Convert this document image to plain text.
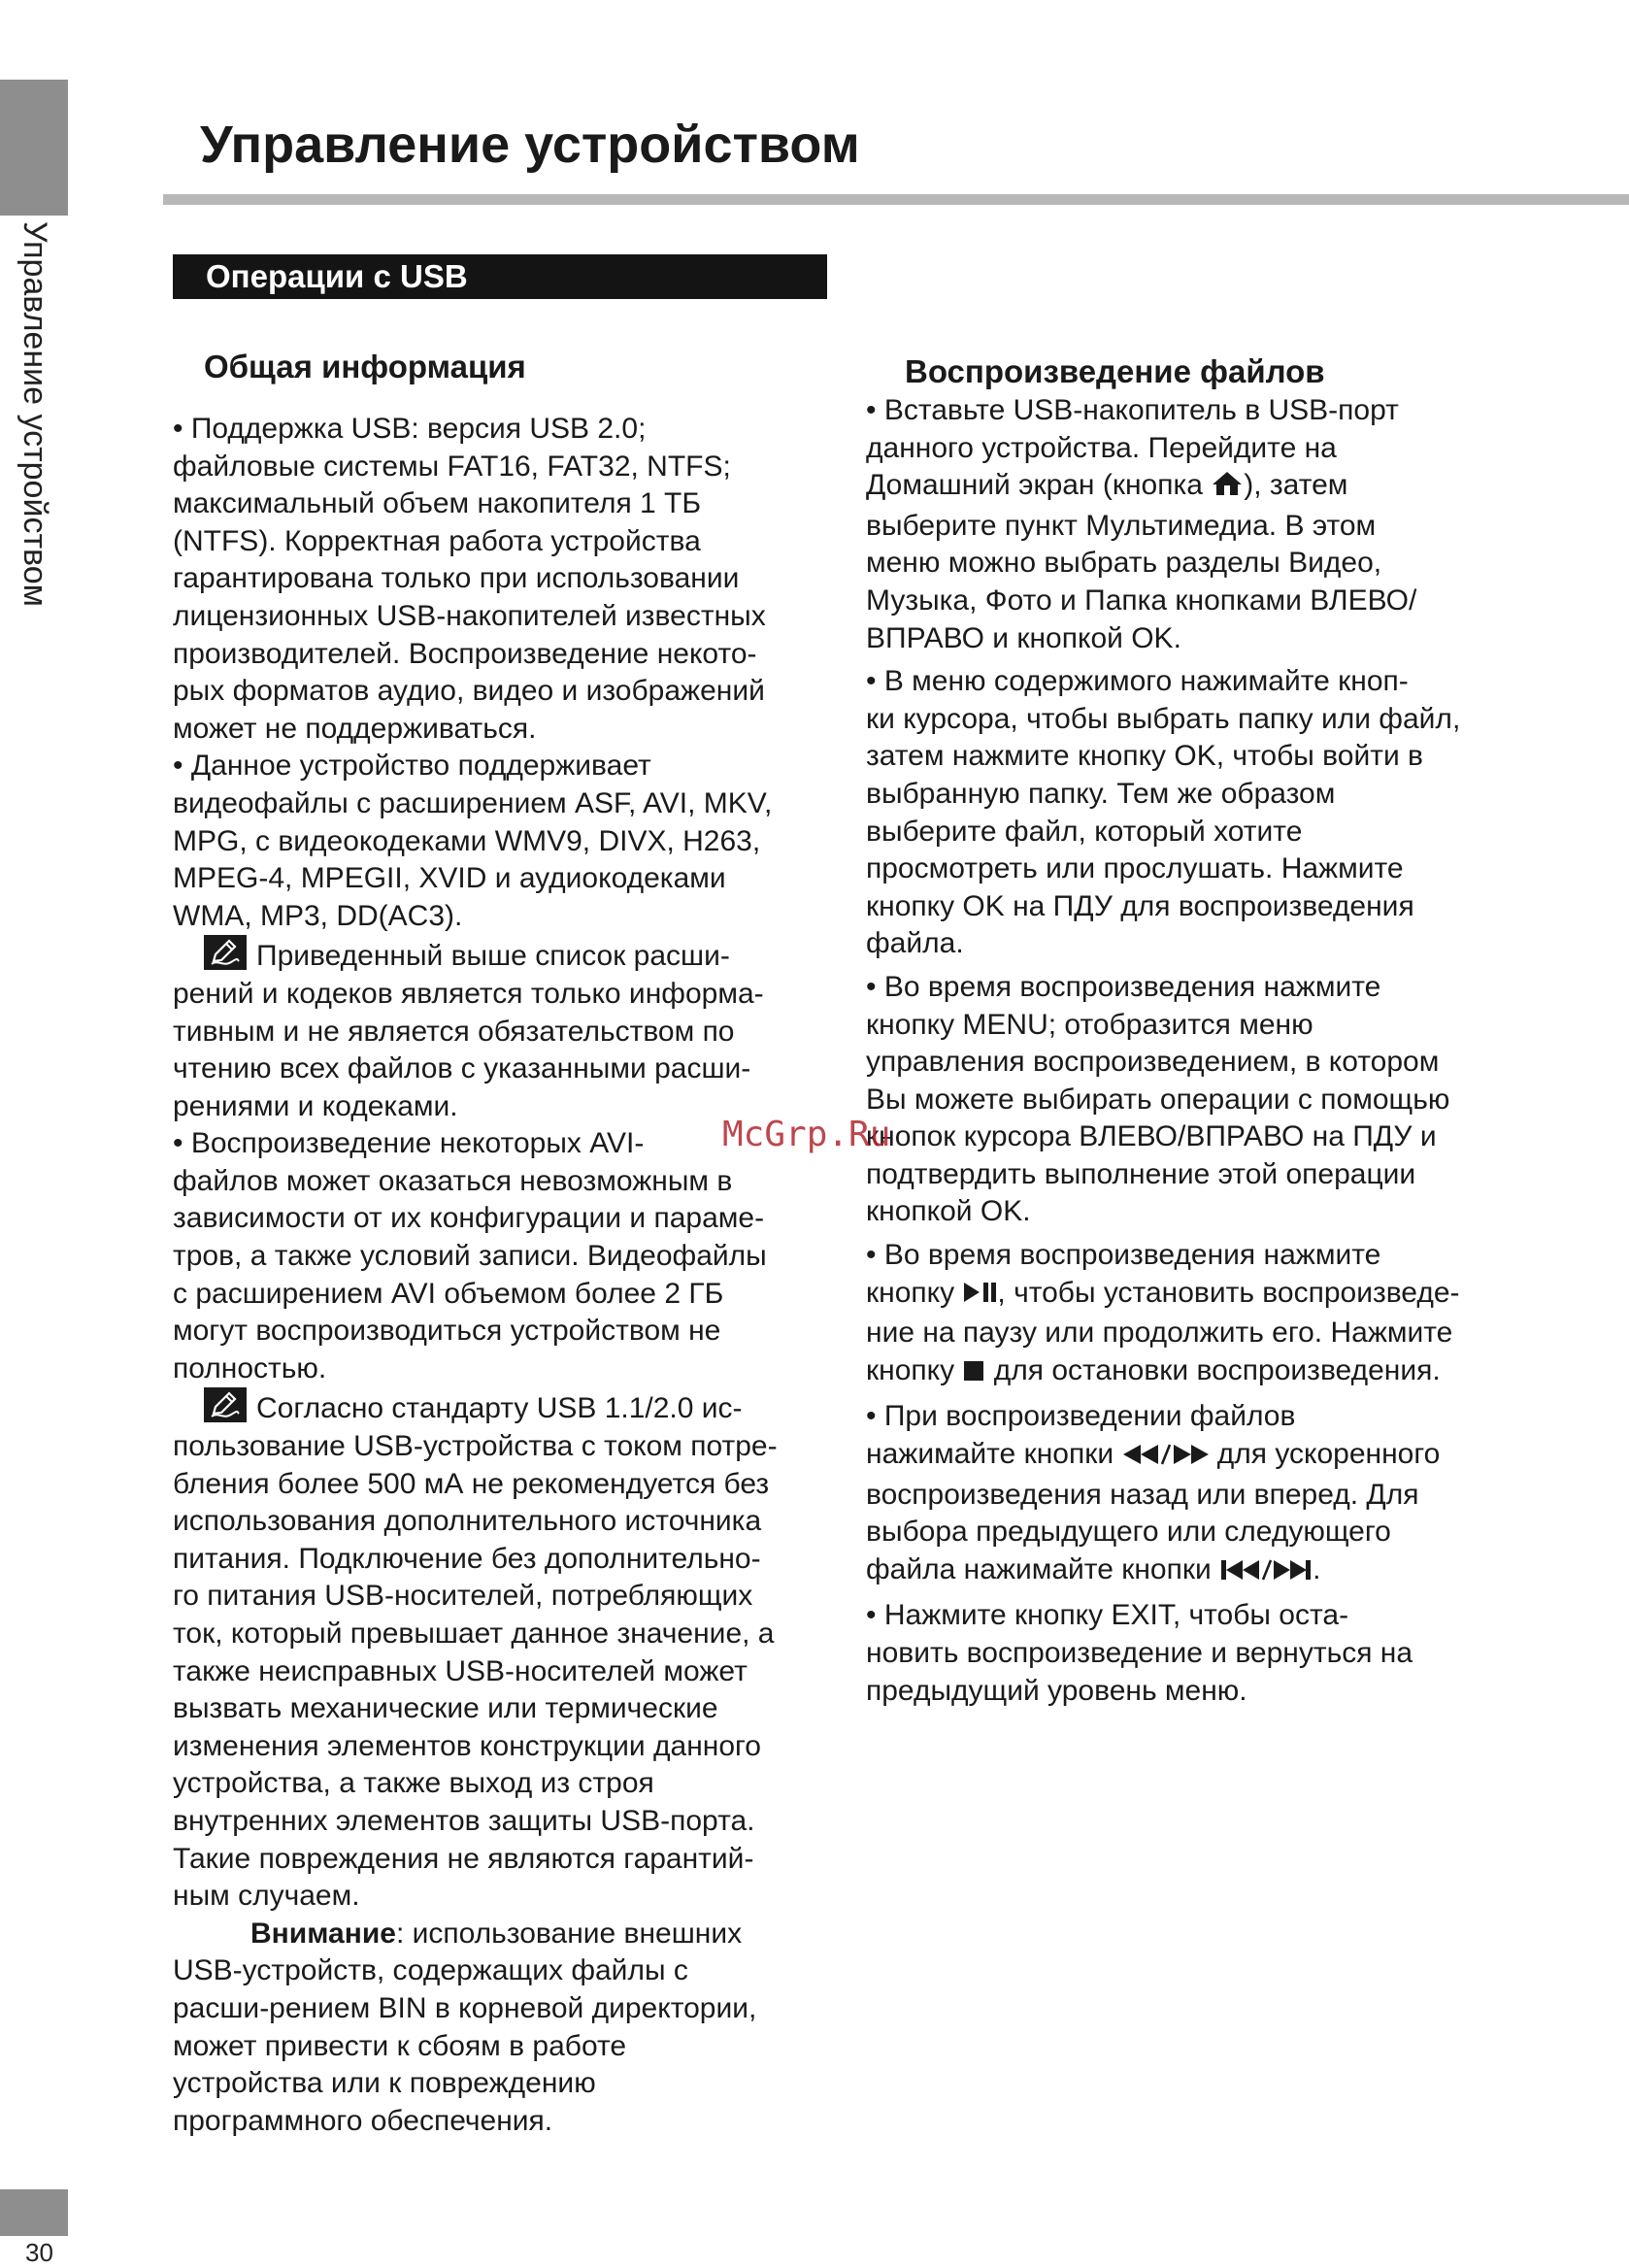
Управление устройством
30
Управление устройством
Операции с USB
Общая информация

• Поддержка USB: версия USB 2.0;
файловые системы FAT16, FAT32, NTFS;
максимальный объем накопителя 1 ТБ
(NTFS). Корректная работа устройства
гарантирована только при использовании
лицензионных USB-накопителей известных
производителей. Воспроизведение некото-
рых форматов аудио, видео и изображений
может не поддерживаться.

• Данное устройство поддерживает
видеофайлы с расширением ASF, AVI, MKV,
MPG, с видеокодеками WMV9, DIVX, H263,
MPEG-4, MPEGII, XVID и аудиокодеками
WMA, MP3, DD(AC3).

Приведенный выше список расши-
рений и кодеков является только информа-
тивным и не является обязательством по
чтению всех файлов с указанными расши-
рениями и кодеками.

• Воспроизведение некоторых AVI-
файлов может оказаться невозможным в
зависимости от их конфигурации и параме-
тров, а также условий записи. Видеофайлы
с расширением AVI объемом более 2 ГБ
могут воспроизводиться устройством не
полностью.

Согласно стандарту USB 1.1/2.0 ис-
пользование USB-устройства с током потре-
бления более 500 мА не рекомендуется без
использования дополнительного источника
питания. Подключение без дополнительно-
го питания USB-носителей, потребляющих
ток, который превышает данное значение, а
также неисправных USB-носителей может
вызвать механические или термические
изменения элементов конструкции данного
устройства, а также выход из строя
внутренних элементов защиты USB-порта.
Такие повреждения не являются гарантий-
ным случаем.

Внимание: использование внешних
USB-устройств, содержащих файлы с
расши-рением BIN в корневой директории,
может привести к сбоям в работе
устройства или к повреждению
программного обеспечения.

Воспроизведение файлов

• Вставьте USB-накопитель в USB-порт
данного устройства. Перейдите на
Домашний экран (кнопка ), затем
выберите пункт Мультимедиа. В этом
меню можно выбрать разделы Видео,
Музыка, Фото и Папка кнопками ВЛЕВО/
ВПРАВО и кнопкой OK.

• В меню содержимого нажимайте кноп-
ки курсора, чтобы выбрать папку или файл,
затем нажмите кнопку OK, чтобы войти в
выбранную папку. Тем же образом
выберите файл, который хотите
просмотреть или прослушать. Нажмите
кнопку OK на ПДУ для воспроизведения
файла.

• Во время воспроизведения нажмите
кнопку MENU; отобразится меню
управления воспроизведением, в котором
Вы можете выбирать операции с помощью
кнопок курсора ВЛЕВО/ВПРАВО на ПДУ и
подтвердить выполнение этой операции
кнопкой OK.

• Во время воспроизведения нажмите
кнопку , чтобы установить воспроизведе-
ние на паузу или продолжить его. Нажмите
кнопку  для остановки воспроизведения.

• При воспроизведении файлов
нажимайте кнопки	для ускоренного
воспроизведения назад или вперед. Для
выбора предыдущего или следующего
файла нажимайте кнопки	.

• Нажмите кнопку EXIT, чтобы оста-
новить воспроизведение и вернуться на
предыдущий уровень меню.

McGrp.Ru
